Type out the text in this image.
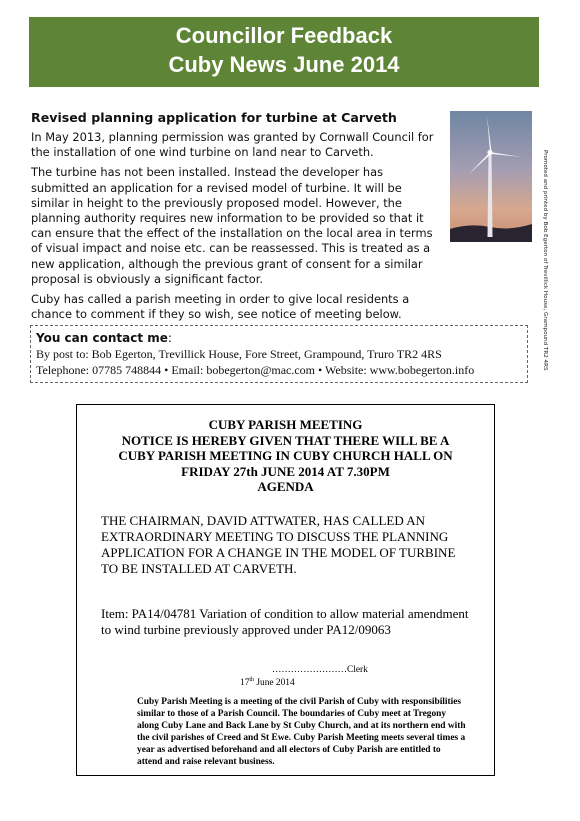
Councillor Feedback
Cuby News June 2014
Revised planning application for turbine at Carveth

In May 2013, planning permission was granted by Cornwall Council for the installation of one wind turbine on land near to Carveth.

The turbine has not been installed. Instead the developer has submitted an application for a revised model of turbine. It will be similar in height to the previously proposed model. However, the planning authority requires new information to be provided so that it can ensure that the effect of the installation on the local area in terms of visual impact and noise etc. can be reassessed. This is treated as a new application, although the previous grant of consent for a similar proposal is obviously a significant factor.

Cuby has called a parish meeting in order to give local residents a chance to comment if they so wish, see notice of meeting below.	Promoted and printed by Bob Egerton of Trevillick House, Grampound TR2 4RS
You can contact me:
By post to: Bob Egerton, Trevillick House, Fore Street, Grampound, Truro TR2 4RS
Telephone: 07785 748844 • Email: bobegerton@mac.com • Website: www.bobegerton.info
CUBY PARISH MEETING
NOTICE IS HEREBY GIVEN THAT THERE WILL BE A
CUBY PARISH MEETING IN CUBY CHURCH HALL ON
FRIDAY 27th JUNE 2014 AT 7.30PM
AGENDA
THE CHAIRMAN, DAVID ATTWATER, HAS CALLED AN EXTRAORDINARY MEETING TO DISCUSS THE PLANNING APPLICATION FOR A CHANGE IN THE MODEL OF TURBINE TO BE INSTALLED AT CARVETH.
Item: PA14/04781 Variation of condition to allow material amendment to wind turbine previously approved under PA12/09063
……………………Clerk
17th June 2014
Cuby Parish Meeting is a meeting of the civil Parish of Cuby with responsibilities similar to those of a Parish Council. The boundaries of Cuby meet at Tregony along Cuby Lane and Back Lane by St Cuby Church, and at its northern end with the civil parishes of Creed and St Ewe. Cuby Parish Meeting meets several times a year as advertised beforehand and all electors of Cuby Parish are entitled to attend and raise relevant business.
